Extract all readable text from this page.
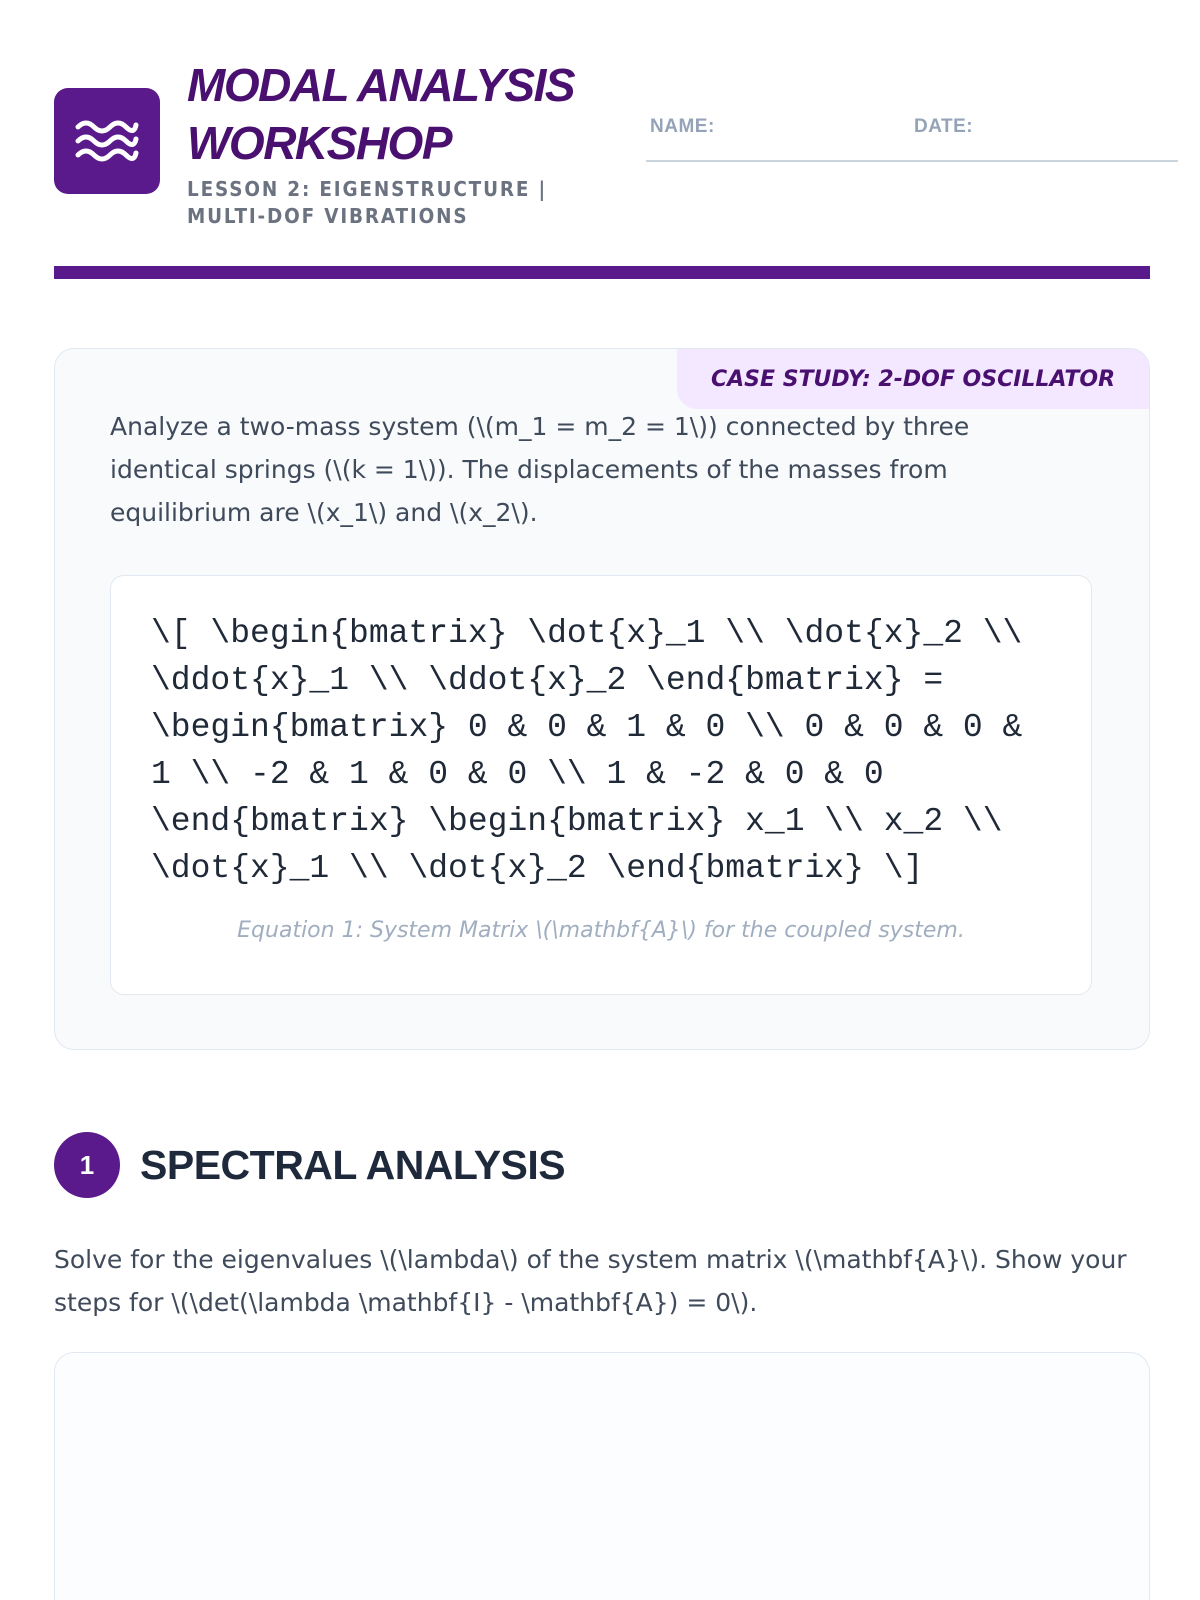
MODAL ANALYSIS WORKSHOP
LESSON 2: EIGENSTRUCTURE | MULTI-DOF VIBRATIONS
NAME:	DATE:
CASE STUDY: 2-DOF OSCILLATOR
Analyze a two-mass system (\(m_1 = m_2 = 1\)) connected by three identical springs (\(k = 1\)). The displacements of the masses from equilibrium are \(x_1\) and \(x_2\).
\[ \begin{bmatrix} \dot{x}_1 \\ \dot{x}_2 \\ \ddot{x}_1 \\ \ddot{x}_2 \end{bmatrix} = \begin{bmatrix} 0 & 0 & 1 & 0 \\ 0 & 0 & 0 & 1 \\ -2 & 1 & 0 & 0 \\ 1 & -2 & 0 & 0 \end{bmatrix} \begin{bmatrix} x_1 \\ x_2 \\ \dot{x}_1 \\ \dot{x}_2 \end{bmatrix} \]
Equation 1: System Matrix \(\mathbf{A}\) for the coupled system.
1	SPECTRAL ANALYSIS
Solve for the eigenvalues \(\lambda\) of the system matrix \(\mathbf{A}\). Show your steps for \(\det(\lambda \mathbf{I} - \mathbf{A}) = 0\).
